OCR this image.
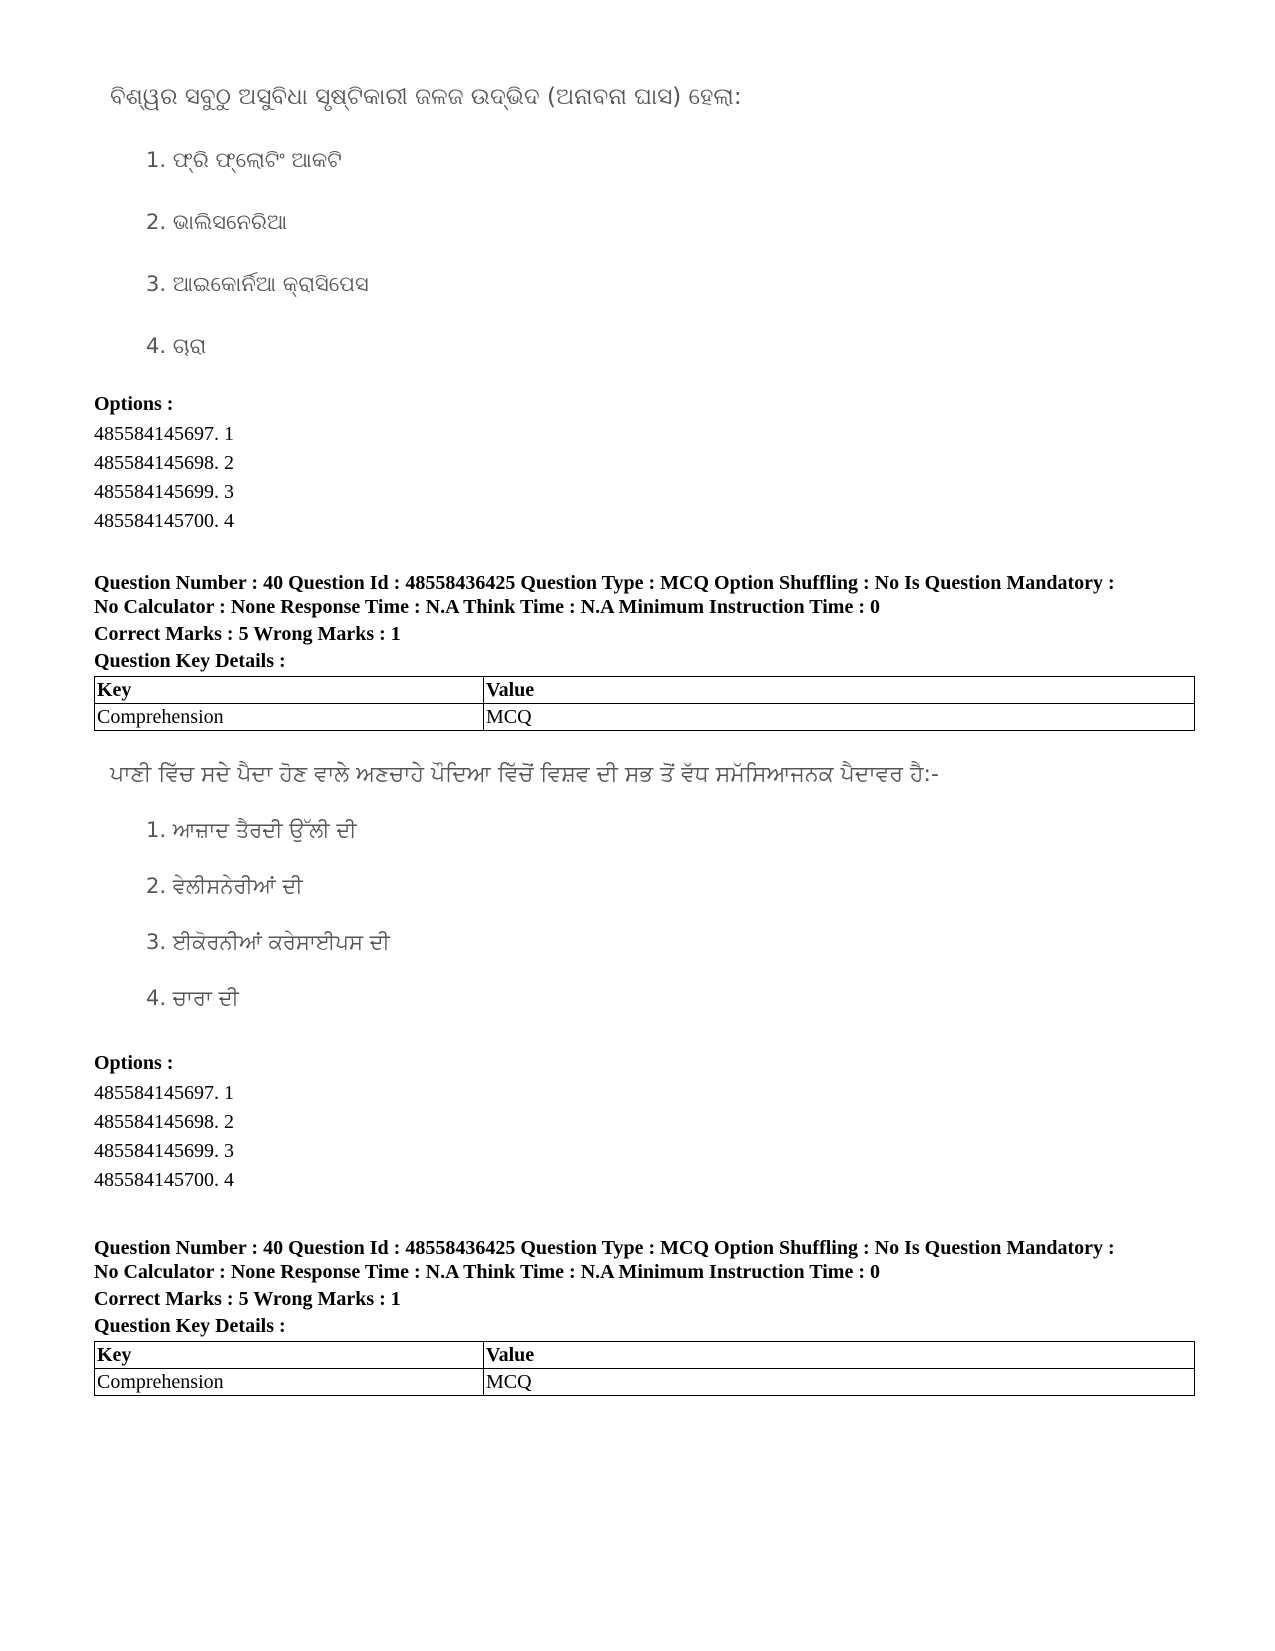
ବିଶ୍ୱର ସବୁଠୁ ଅସୁବିଧା ସୃଷ୍ଟିକାରୀ ଜଳଜ ଉଦ୍ଭିଦ (ଅନାବନା ଘାସ) ହେଲା:
1. ଫ୍ରି ଫ୍ଲୋଟିଂ ଆକଟି
2. ଭାଲିସନେରିଆ
3. ଆଇକୋର୍ନିଆ କ୍ରାସିପେସ
4. ଚାରା
Options :
485584145697. 1
485584145698. 2
485584145699. 3
485584145700. 4
Question Number : 40 Question Id : 48558436425 Question Type : MCQ Option Shuffling : No Is Question Mandatory :
No Calculator : None Response Time : N.A Think Time : N.A Minimum Instruction Time : 0
Correct Marks : 5 Wrong Marks : 1
Question Key Details :
Key	Value
Comprehension	MCQ
ਪਾਣੀ ਵਿੱਚ ਸਦੇ ਪੈਦਾ ਹੋਣ ਵਾਲੇ ਅਣਚਾਹੇ ਪੌਦਿਆ ਵਿੱਚੋਂ ਵਿਸ਼ਵ ਦੀ ਸਭ ਤੋਂ ਵੱਧ ਸਮੱਸਿਆਜਨਕ ਪੈਦਾਵਰ ਹੈ:-
1. ਆਜ਼ਾਦ ਤੈਰਦੀ ਉੱਲੀ ਦੀ
2. ਵੇਲੀਸਨੇਰੀਆਂ ਦੀ
3. ਈਕੋਰਨੀਆਂ ਕਰੇਸਾਈਪਸ ਦੀ
4. ਚਾਰਾ ਦੀ
Options :
485584145697. 1
485584145698. 2
485584145699. 3
485584145700. 4
Question Number : 40 Question Id : 48558436425 Question Type : MCQ Option Shuffling : No Is Question Mandatory :
No Calculator : None Response Time : N.A Think Time : N.A Minimum Instruction Time : 0
Correct Marks : 5 Wrong Marks : 1
Question Key Details :
Key	Value
Comprehension	MCQ
